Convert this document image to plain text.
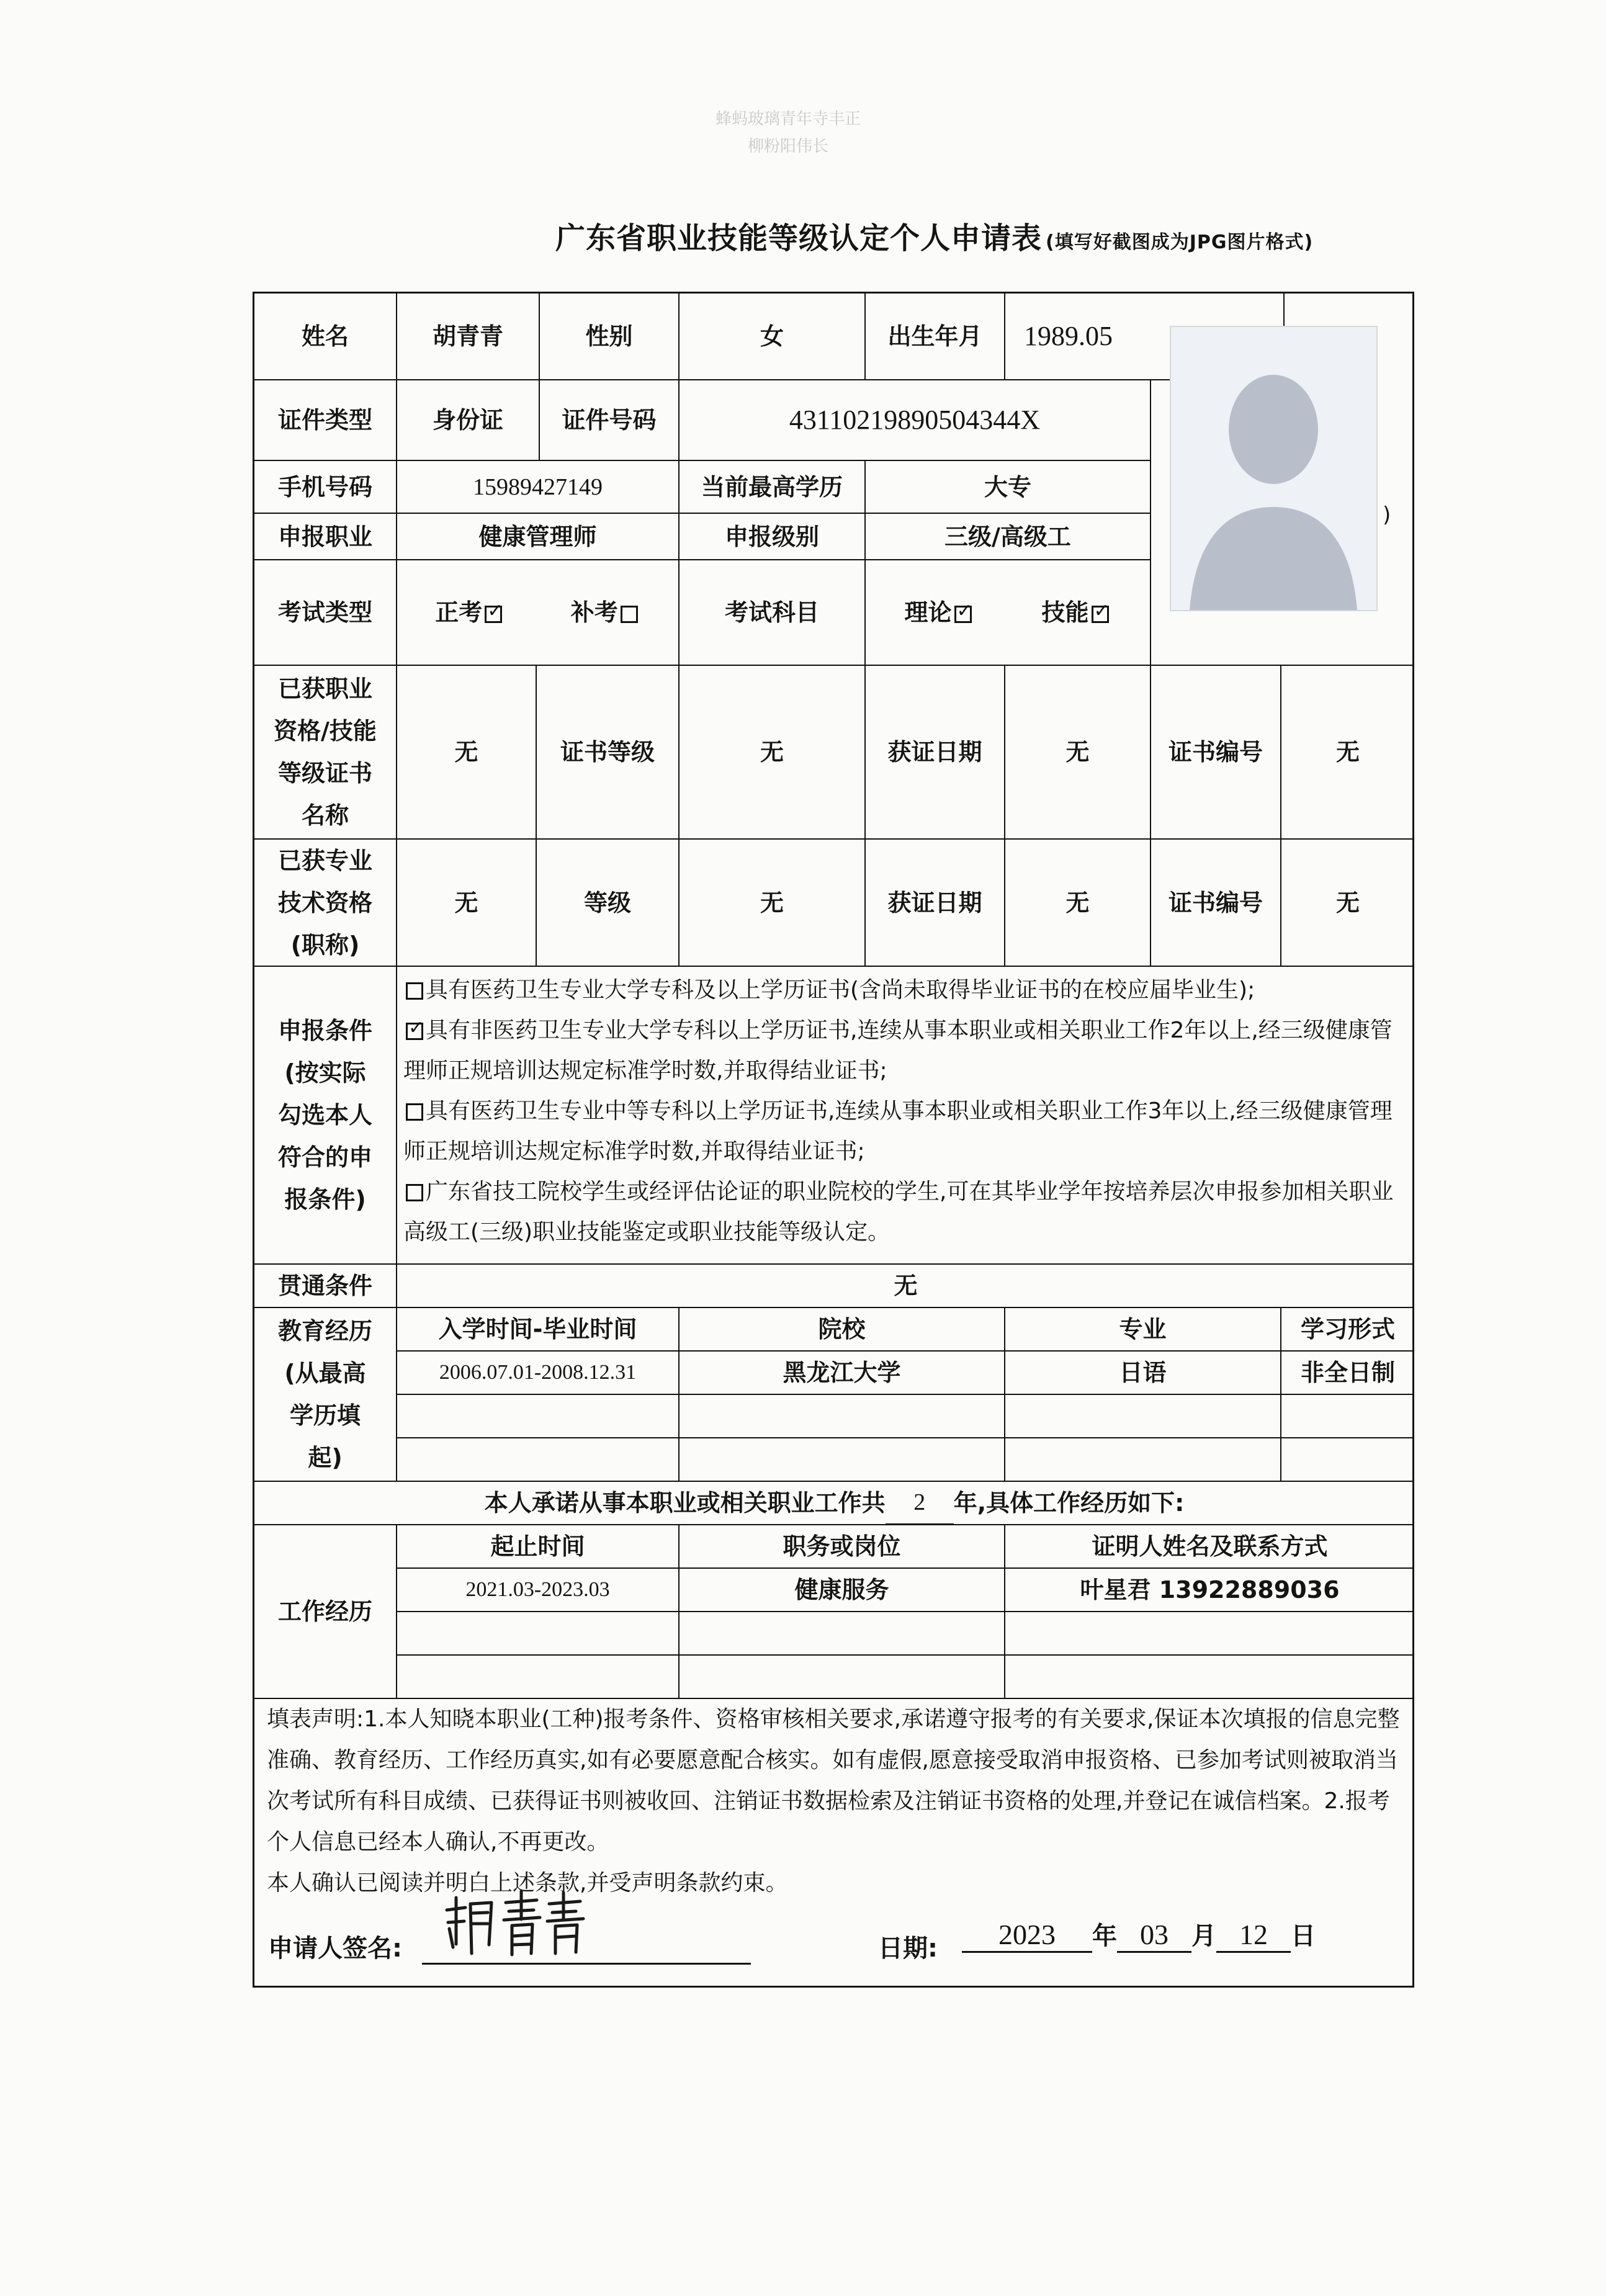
蜂蚂玻璃青年寺丰正
柳粉阳伟长
广东省职业技能等级认定个人申请表 (填写好截图成为JPG图片格式)
姓名	胡青青	性别	女	出生年月	1989.05
证件类型	身份证	证件号码	43110219890504344X
手机号码	15989427149	当前最高学历	大专
申报职业	健康管理师	申报级别	三级/高级工
考试类型	正考 ✓	补考	考试科目	理论 ✓	技能✓
已获职业资格/技能等级证书名称
无	证书等级	无	获证日期	无	证书编号	无
已获专业技术资格(职称)
无	等级	无	获证日期	无	证书编号	无
申报条件(按实际勾选本人符合的申报条件)

具有医药卫生专业大学专科及以上学历证书(含尚未取得毕业证书的在校应届毕业生);

✓具有非医药卫生专业大学专科以上学历证书,连续从事本职业或相关职业工作2年以上,经三级健康管理师正规培训达规定标准学时数,并取得结业证书;

具有医药卫生专业中等专科以上学历证书,连续从事本职业或相关职业工作3年以上,经三级健康管理师正规培训达规定标准学时数,并取得结业证书;

广东省技工院校学生或经评估论证的职业院校的学生,可在其毕业学年按培养层次申报参加相关职业高级工(三级)职业技能鉴定或职业技能等级认定。

贯通条件	无
教育经历(从最高学历填起)
入学时间-毕业时间	院校	专业	学习形式
2006.07.01-2008.12.31	黑龙江大学	日语	非全日制
本人承诺从事本职业或相关职业工作共	2	年,具体工作经历如下:
工作经历
起止时间	职务或岗位	证明人姓名及联系方式
2021.03-2023.03	健康服务	叶星君 13922889036

填表声明:1.本人知晓本职业(工种)报考条件、资格审核相关要求,承诺遵守报考的有关要求,保证本次填报的信息完整准确、教育经历、工作经历真实,如有必要愿意配合核实。如有虚假,愿意接受取消申报资格、已参加考试则被取消当次考试所有科目成绩、已获得证书则被收回、注销证书数据检索及注销证书资格的处理,并登记在诚信档案。2.报考个人信息已经本人确认,不再更改。

本人确认已阅读并明白上述条款,并受声明条款约束。

申请人签名:	日期:	2023 年 03 月 12 日
)
